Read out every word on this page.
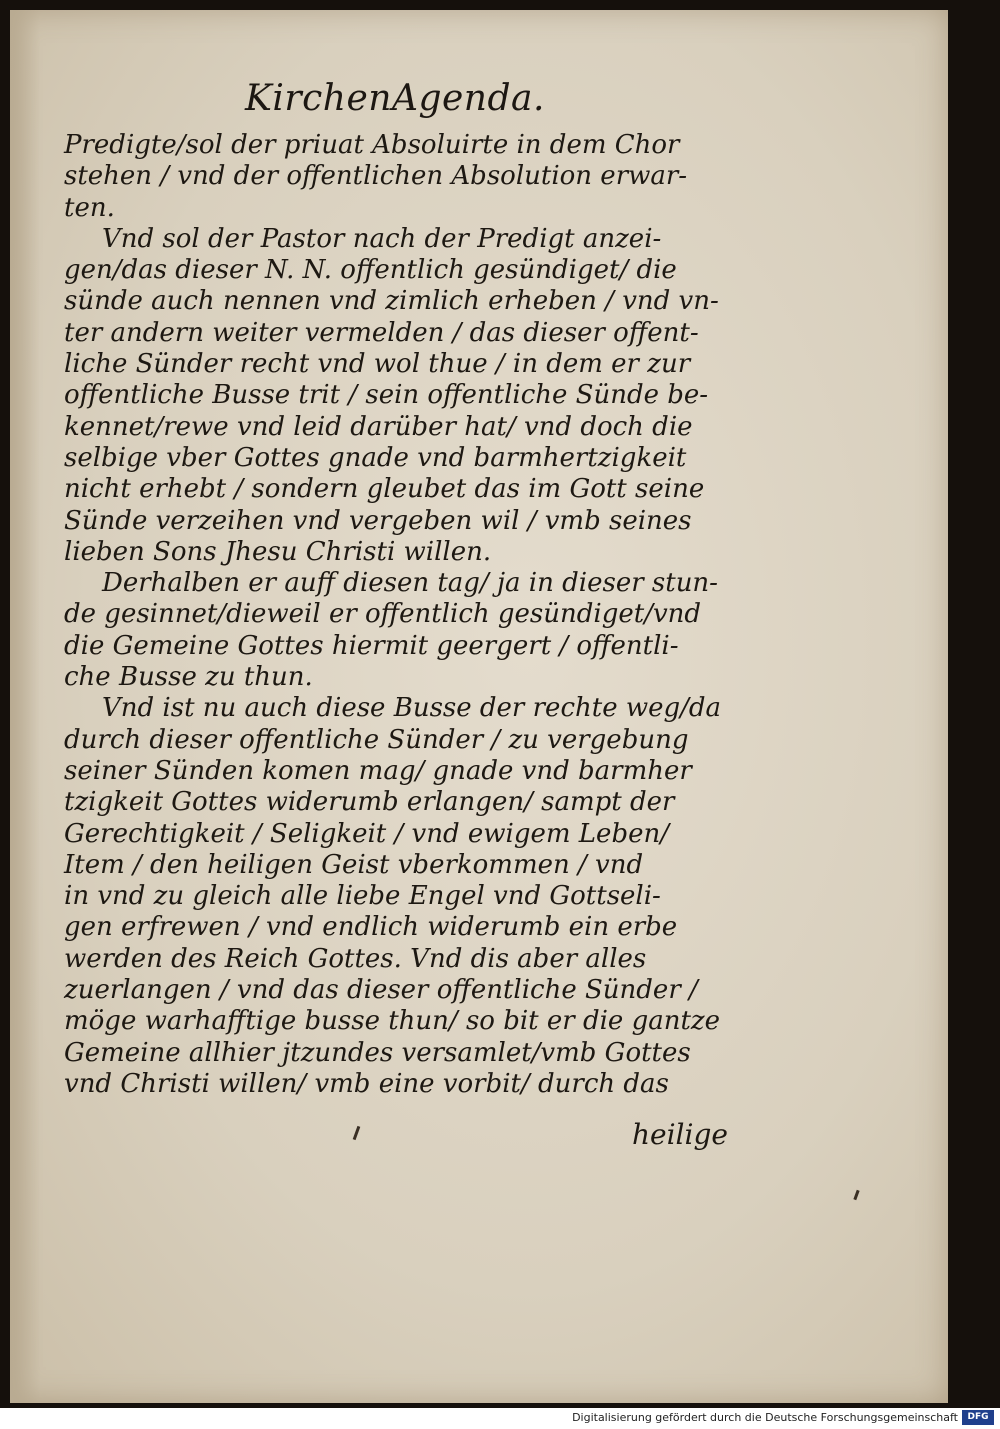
KirchenAgenda.
Predigte/sol der priuat Absoluirte in dem Chor
stehen / vnd der offentlichen Absolution erwar-
ten.
Vnd sol der Pastor nach der Predigt anzei-
gen/das dieser N. N. offentlich gesündiget/ die
sünde auch nennen vnd zimlich erheben / vnd vn-
ter andern weiter vermelden / das dieser offent-
liche Sünder recht vnd wol thue / in dem er zur
offentliche Busse trit / sein offentliche Sünde be-
kennet/rewe vnd leid darüber hat/ vnd doch die
selbige vber Gottes gnade vnd barmhertzigkeit
nicht erhebt / sondern gleubet das im Gott seine
Sünde verzeihen vnd vergeben wil / vmb seines
lieben Sons Jhesu Christi willen.
Derhalben er auff diesen tag/ ja in dieser stun-
de gesinnet/dieweil er offentlich gesündiget/vnd
die Gemeine Gottes hiermit geergert / offentli-
che Busse zu thun.
Vnd ist nu auch diese Busse der rechte weg/da
durch dieser offentliche Sünder / zu vergebung
seiner Sünden komen mag/ gnade vnd barmher
tzigkeit Gottes widerumb erlangen/ sampt der
Gerechtigkeit / Seligkeit / vnd ewigem Leben/
Item / den heiligen Geist vberkommen / vnd
in vnd zu gleich alle liebe Engel vnd Gottseli-
gen erfrewen / vnd endlich widerumb ein erbe
werden des Reich Gottes. Vnd dis aber alles
zuerlangen / vnd das dieser offentliche Sünder /
möge warhafftige busse thun/ so bit er die gantze
Gemeine allhier jtzundes versamlet/vmb Gottes
vnd Christi willen/ vmb eine vorbit/ durch das
heilige
Digitalisierung gefördert durch die Deutsche Forschungsgemeinschaft	DFG
